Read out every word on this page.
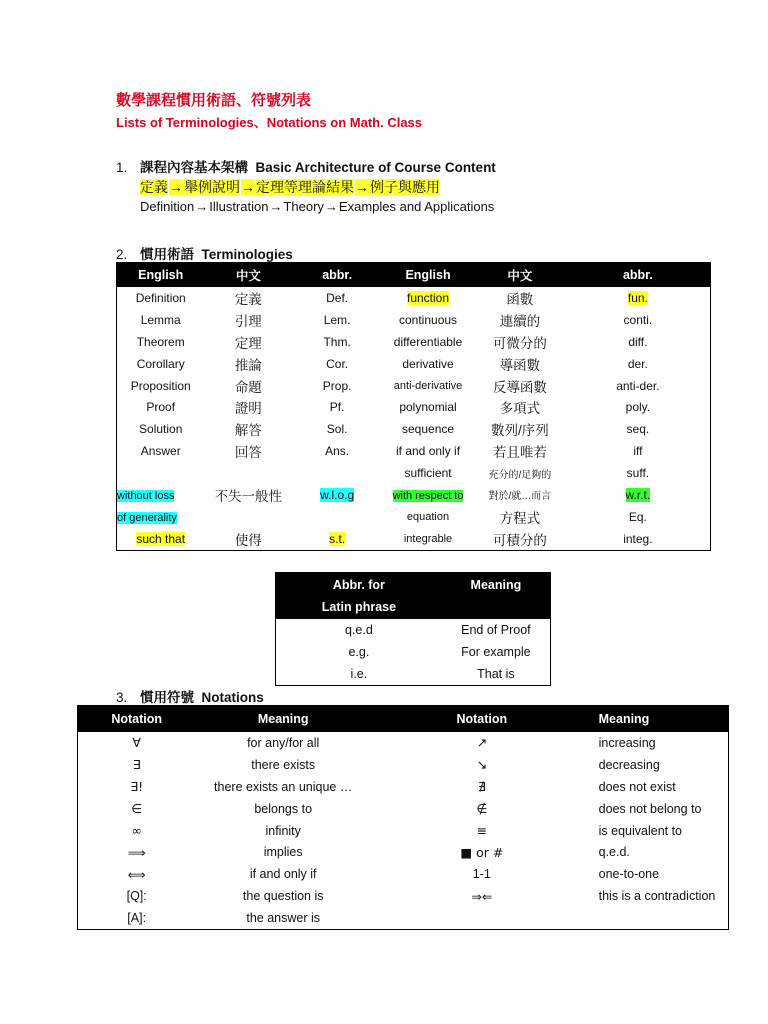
數學課程慣用術語、符號列表
Lists of Terminologies、Notations on Math. Class
1. 課程內容基本架構 Basic Architecture of Course Content
定義→舉例說明→定理等理論結果→例子與應用
Definition→Illustration→Theory→Examples and Applications
2. 慣用術語 Terminologies
English	中文	abbr.	English	中文	abbr.
Definition	定義	Def.	function	函數	fun.
Lemma	引理	Lem.	continuous	連續的	conti.
Theorem	定理	Thm.	differentiable	可微分的	diff.
Corollary	推論	Cor.	derivative	導函數	der.
Proposition	命題	Prop.	anti-derivative	反導函數	anti-der.
Proof	證明	Pf.	polynomial	多項式	poly.
Solution	解答	Sol.	sequence	數列/序列	seq.
Answer	回答	Ans.	if and only if	若且唯若	iff
			sufficient	充分的/足夠的	suff.
without loss	不失一般性	w.l.o.g	with respect to	對於/就…而言	w.r.t.
of generality			equation	方程式	Eq.
such that	使得	s.t.	integrable	可積分的	integ.
Abbr. for
Latin phrase	Meaning
q.e.d	End of Proof
e.g.	For example
i.e.	That is
3. 慣用符號 Notations
Notation	Meaning	Notation	Meaning
∀	for any/for all	↗	increasing
∃	there exists	↘	decreasing
∃!	there exists an unique …	∄	does not exist
∈	belongs to	∉	does not belong to
∞	infinity	≡	is equivalent to
⟹	implies	■ or #	q.e.d.
⟺	if and only if	1-1	one-to-one
[Q]:	the question is	⇒⇐	this is a contradiction
[A]:	the answer is		
